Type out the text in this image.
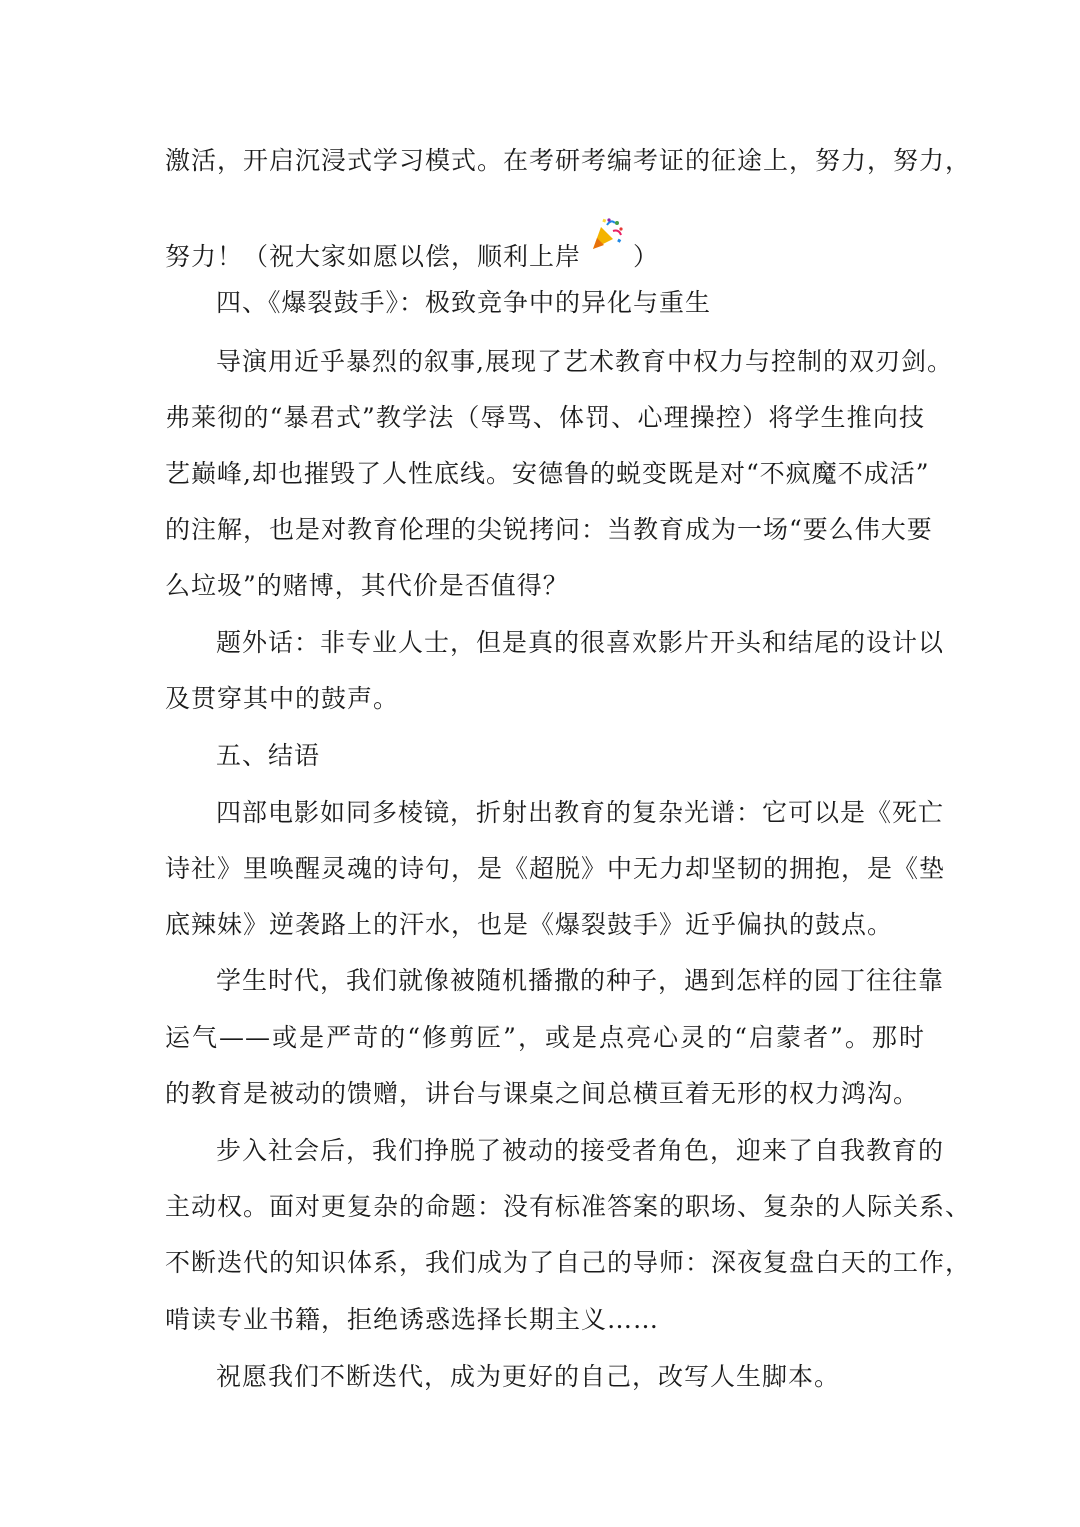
激活，开启沉浸式学习模式。在考研考编考证的征途上，努力，努力，
努力！（祝大家如愿以偿，顺利上岸 ）
四、《爆裂鼓手》：极致竞争中的异化与重生
导演用近乎暴烈的叙事,展现了艺术教育中权力与控制的双刃剑。
弗莱彻的“暴君式”教学法（辱骂、体罚、心理操控）将学生推向技
艺巅峰,却也摧毁了人性底线。安德鲁的蜕变既是对“不疯魔不成活”
的注解，也是对教育伦理的尖锐拷问：当教育成为一场“要么伟大要
么垃圾”的赌博，其代价是否值得？
题外话：非专业人士，但是真的很喜欢影片开头和结尾的设计以
及贯穿其中的鼓声。
五、结语
四部电影如同多棱镜，折射出教育的复杂光谱：它可以是《死亡
诗社》里唤醒灵魂的诗句，是《超脱》中无力却坚韧的拥抱，是《垫
底辣妹》逆袭路上的汗水，也是《爆裂鼓手》近乎偏执的鼓点。
学生时代，我们就像被随机播撒的种子，遇到怎样的园丁往往靠
运气——或是严苛的“修剪匠”，或是点亮心灵的“启蒙者”。那时
的教育是被动的馈赠，讲台与课桌之间总横亘着无形的权力鸿沟。
步入社会后，我们挣脱了被动的接受者角色，迎来了自我教育的
主动权。面对更复杂的命题：没有标准答案的职场、复杂的人际关系、
不断迭代的知识体系，我们成为了自己的导师：深夜复盘白天的工作，
啃读专业书籍，拒绝诱惑选择长期主义……
祝愿我们不断迭代，成为更好的自己，改写人生脚本。
